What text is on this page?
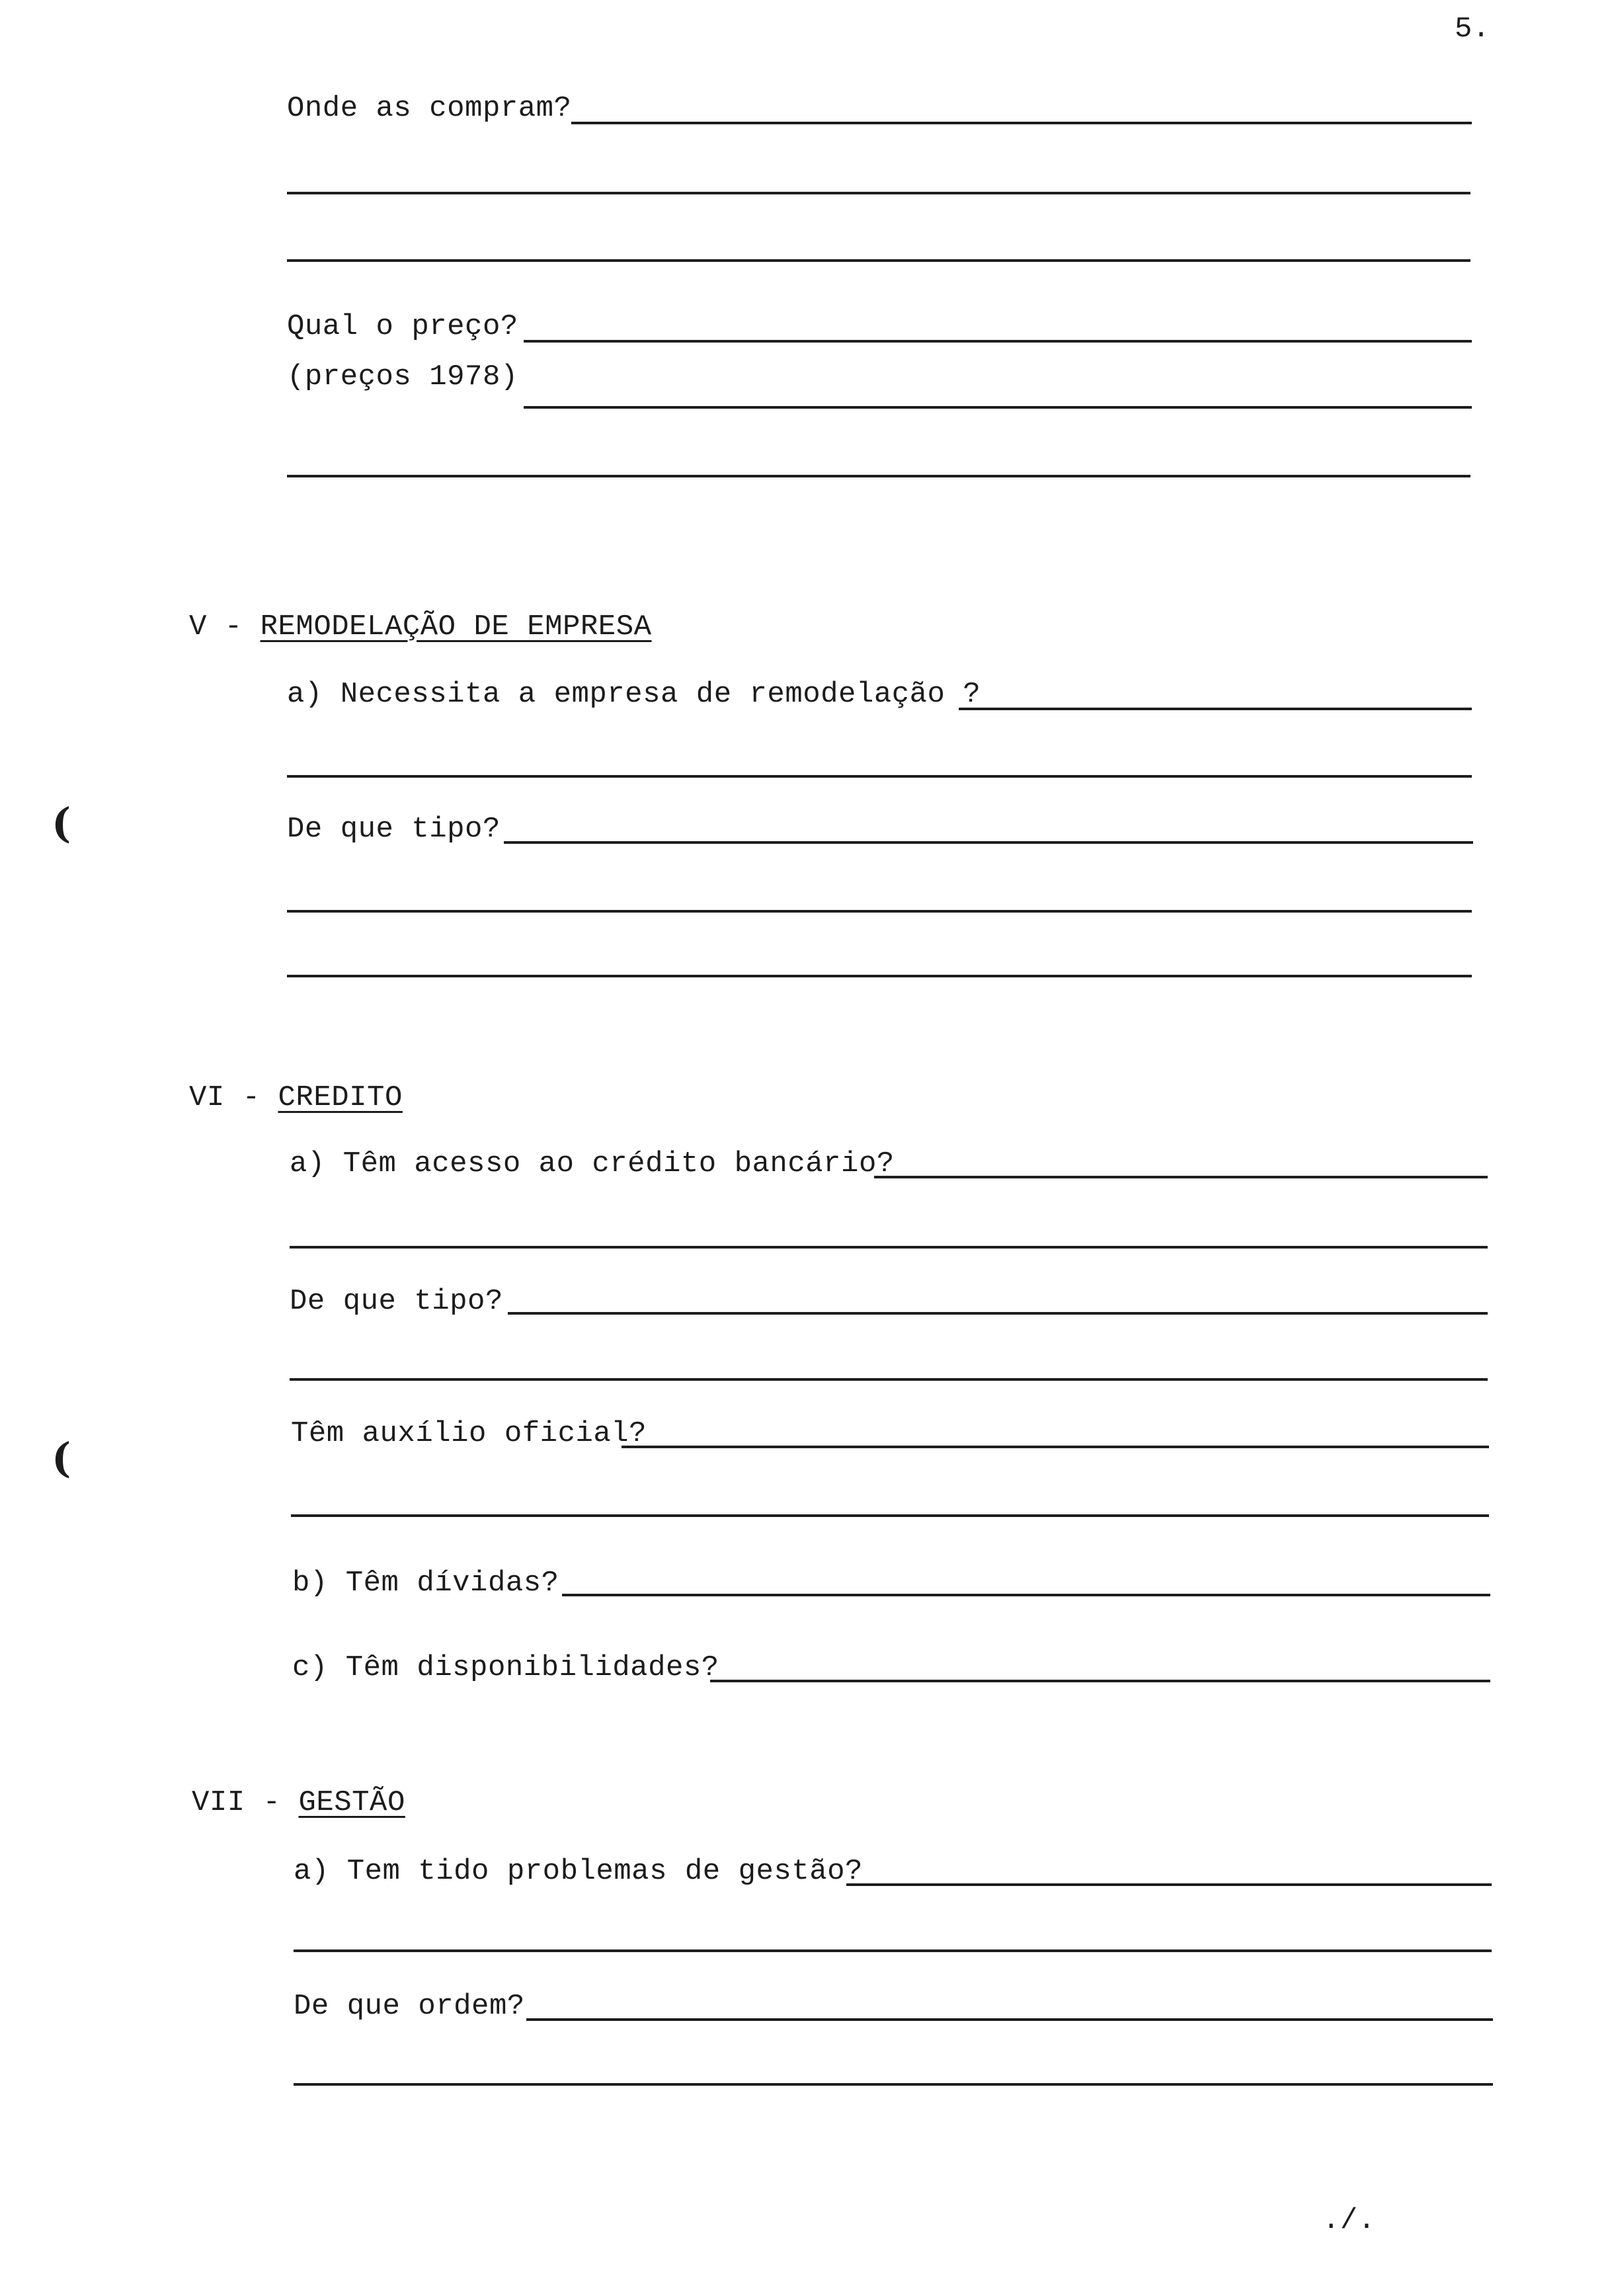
5.
(
(
Onde as compram?
Qual o preço?
(preços 1978)
V - REMODELAÇÃO DE EMPRESA
a) Necessita a empresa de remodelação ?
De que tipo?
VI - CREDITO
a) Têm acesso ao crédito bancário?
De que tipo?
Têm auxílio oficial?
b) Têm dívidas?
c) Têm disponibilidades?
VII - GESTÃO
a) Tem tido problemas de gestão?
De que ordem?
./.
